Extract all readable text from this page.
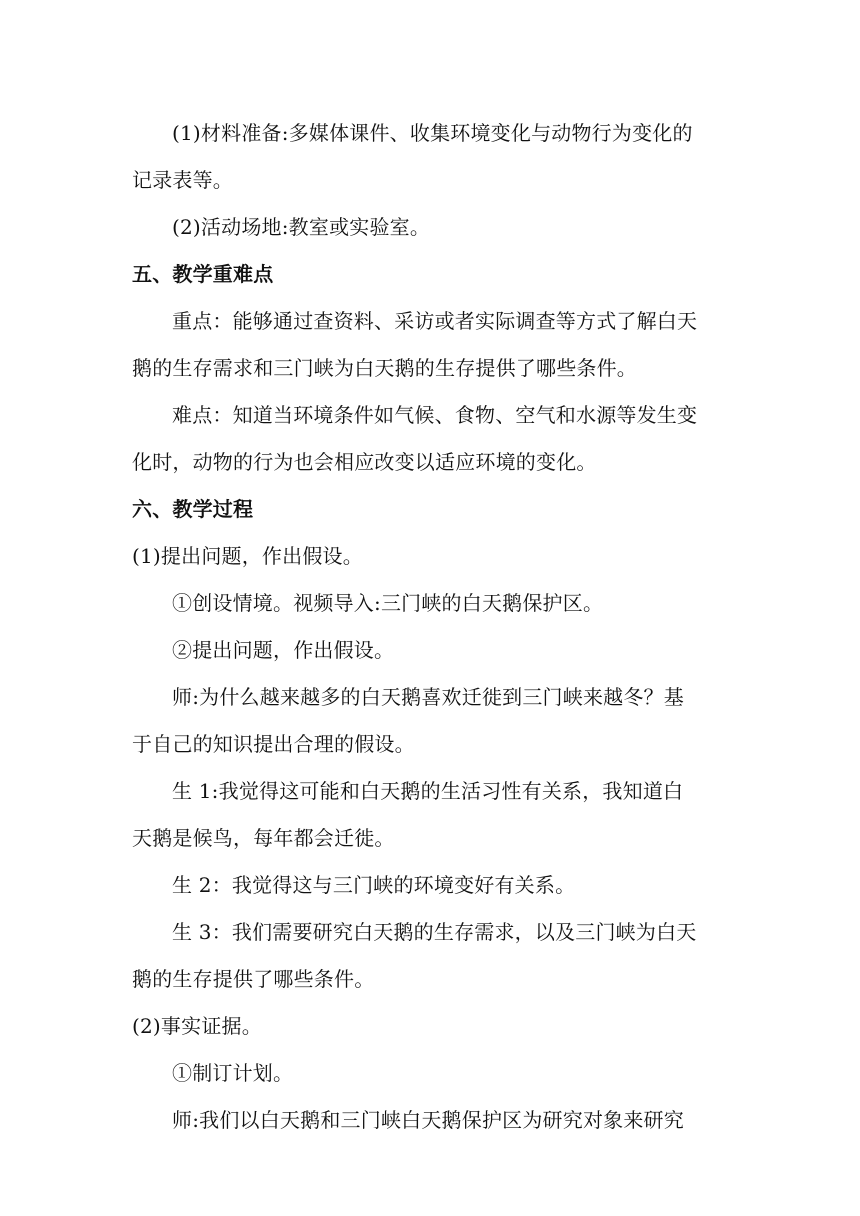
(1)材料准备:多媒体课件、收集环境变化与动物行为变化的
记录表等。
(2)活动场地:教室或实验室。
五、教学重难点
重点：能够通过查资料、采访或者实际调查等方式了解白天
鹅的生存需求和三门峡为白天鹅的生存提供了哪些条件。
难点：知道当环境条件如气候、食物、空气和水源等发生变
化时，动物的行为也会相应改变以适应环境的变化。
六、教学过程
(1)提出问题，作出假设。
①创设情境。视频导入:三门峡的白天鹅保护区。
②提出问题，作出假设。
师:为什么越来越多的白天鹅喜欢迁徙到三门峡来越冬？基
于自己的知识提出合理的假设。
生 1:我觉得这可能和白天鹅的生活习性有关系，我知道白
天鹅是候鸟，每年都会迁徙。
生 2：我觉得这与三门峡的环境变好有关系。
生 3：我们需要研究白天鹅的生存需求，以及三门峡为白天
鹅的生存提供了哪些条件。
(2)事实证据。
①制订计划。
师:我们以白天鹅和三门峡白天鹅保护区为研究对象来研究
